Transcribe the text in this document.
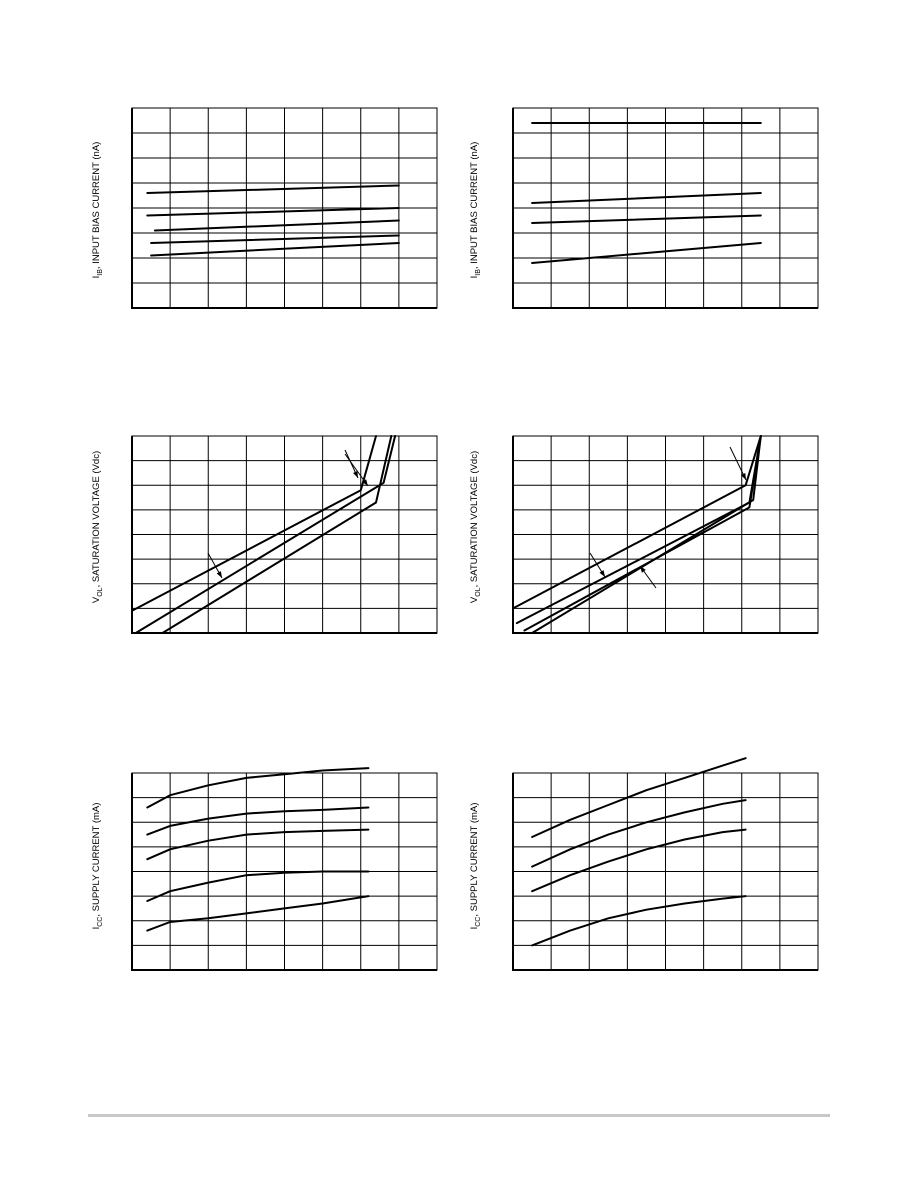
$I_{IB}$, INPUT BIAS CURRENT (nA)
$I_{IB}$, INPUT BIAS CURRENT (nA)
$V_{OL}$, SATURATION VOLTAGE (Vdc)
$V_{OL}$, SATURATION VOLTAGE (Vdc)
$I_{CC}$, SUPPLY CURRENT (mA)
$I_{CC}$, SUPPLY CURRENT (mA)
